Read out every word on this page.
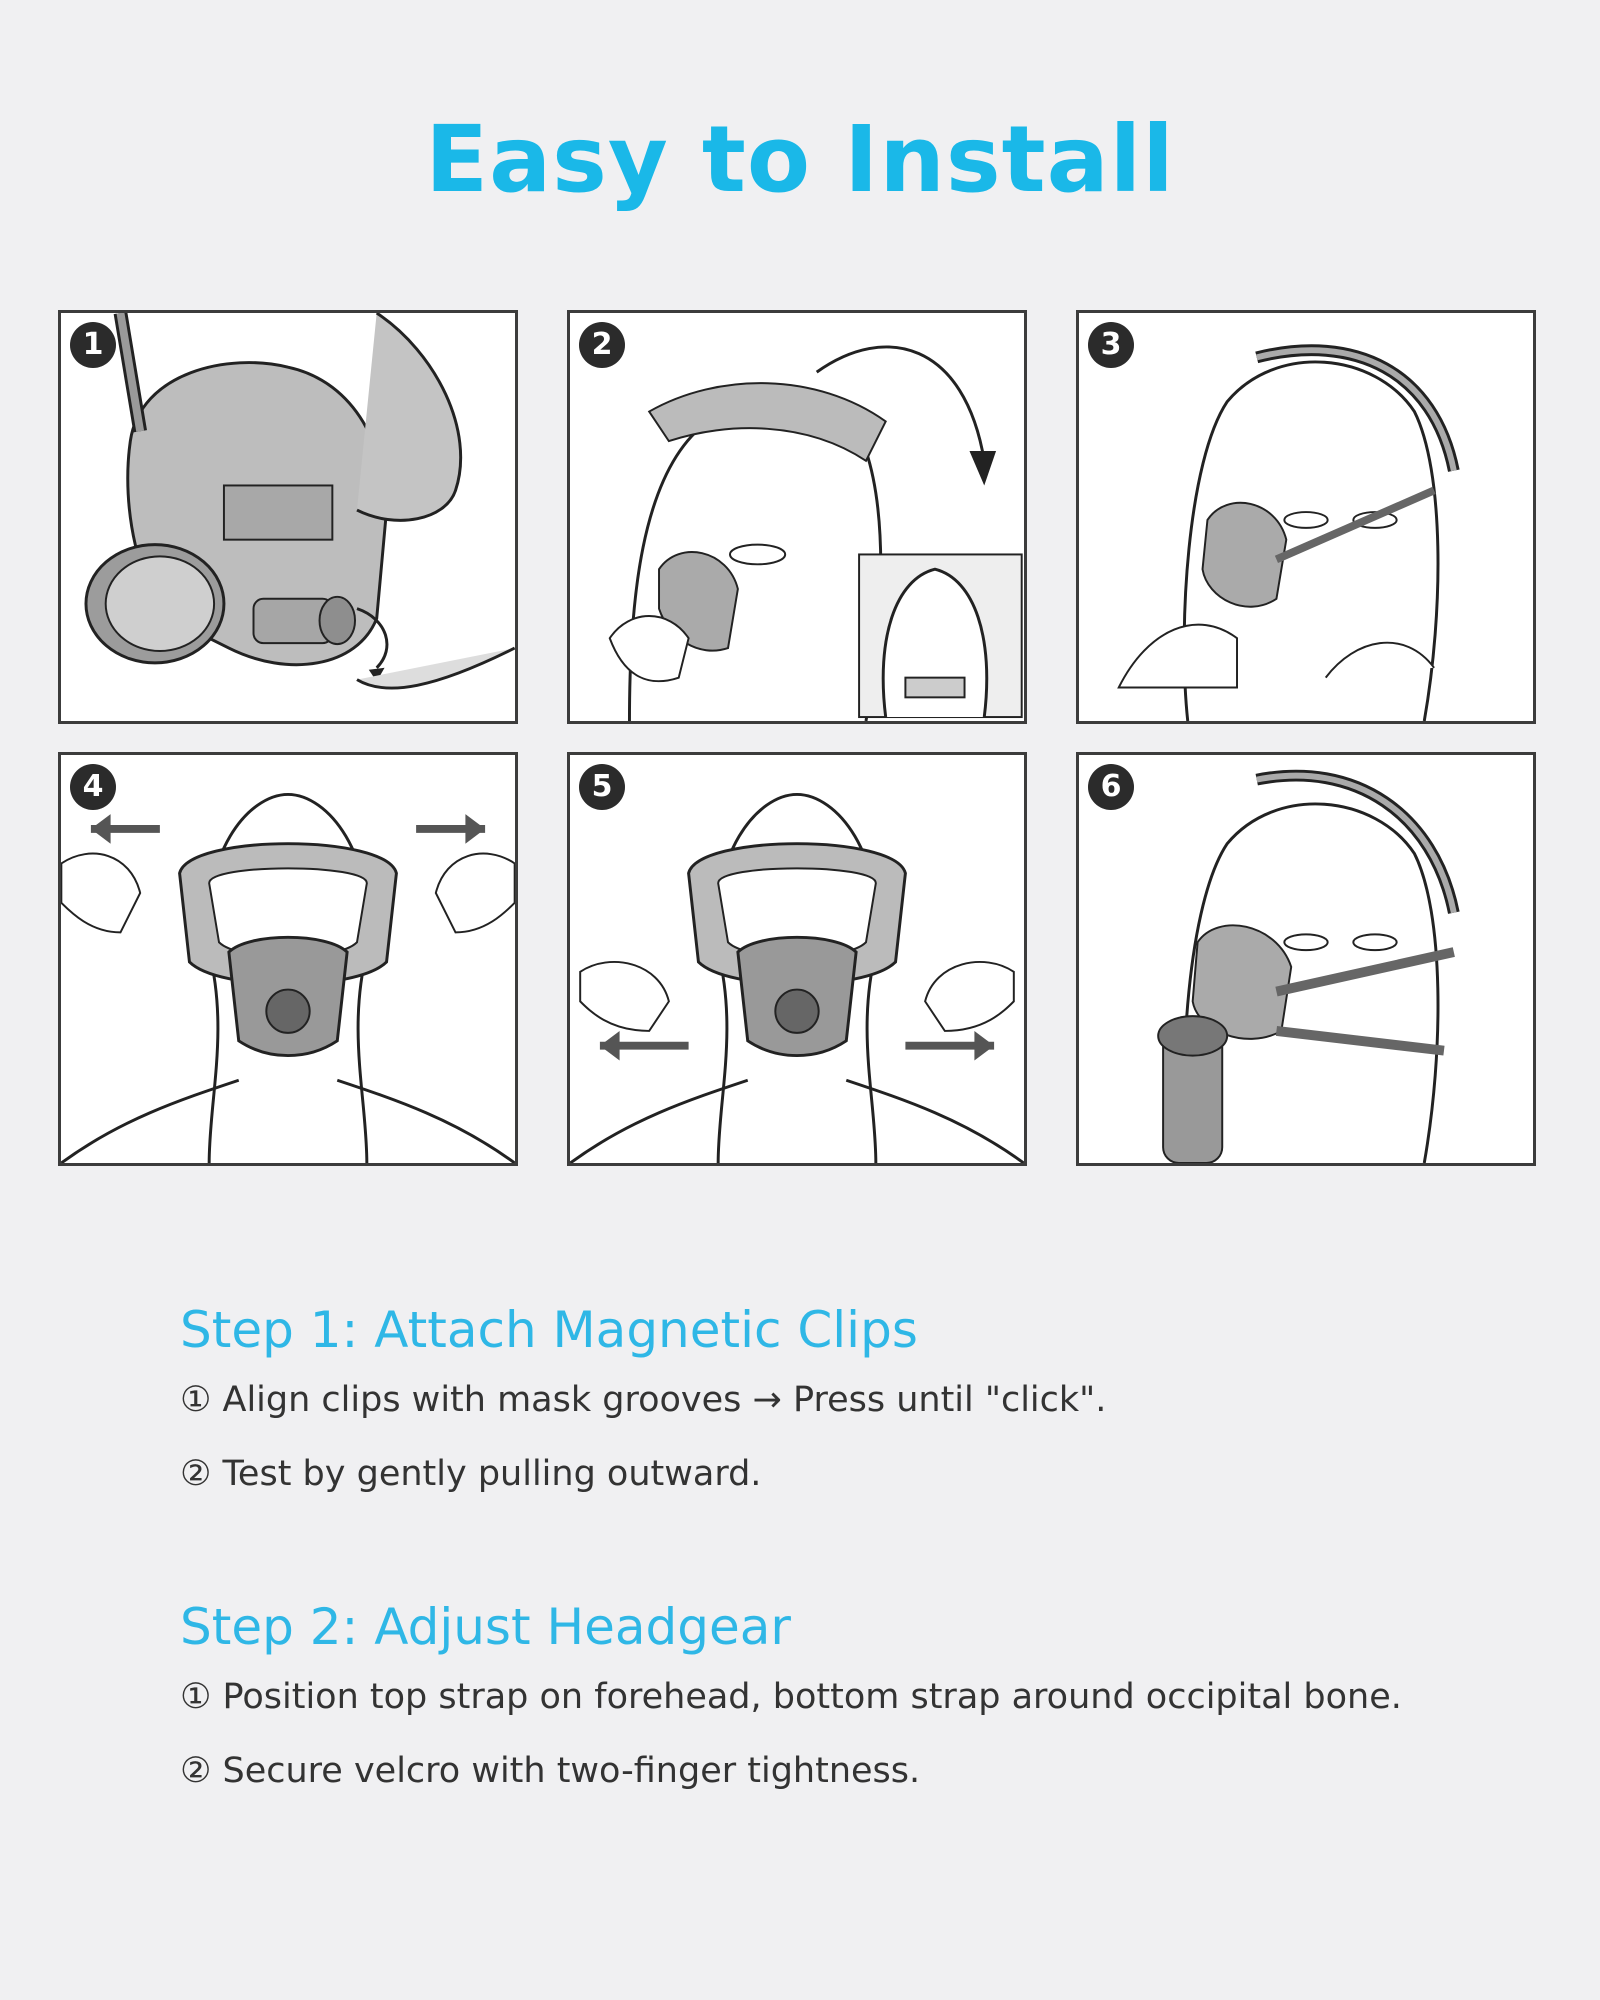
Easy to Install
1	2	3
4	5	6

Step 1: Attach Magnetic Clips

① Align clips with mask grooves → Press until "click".

② Test by gently pulling outward.

Step 2: Adjust Headgear

① Position top strap on forehead, bottom strap around occipital bone.

② Secure velcro with two-finger tightness.
